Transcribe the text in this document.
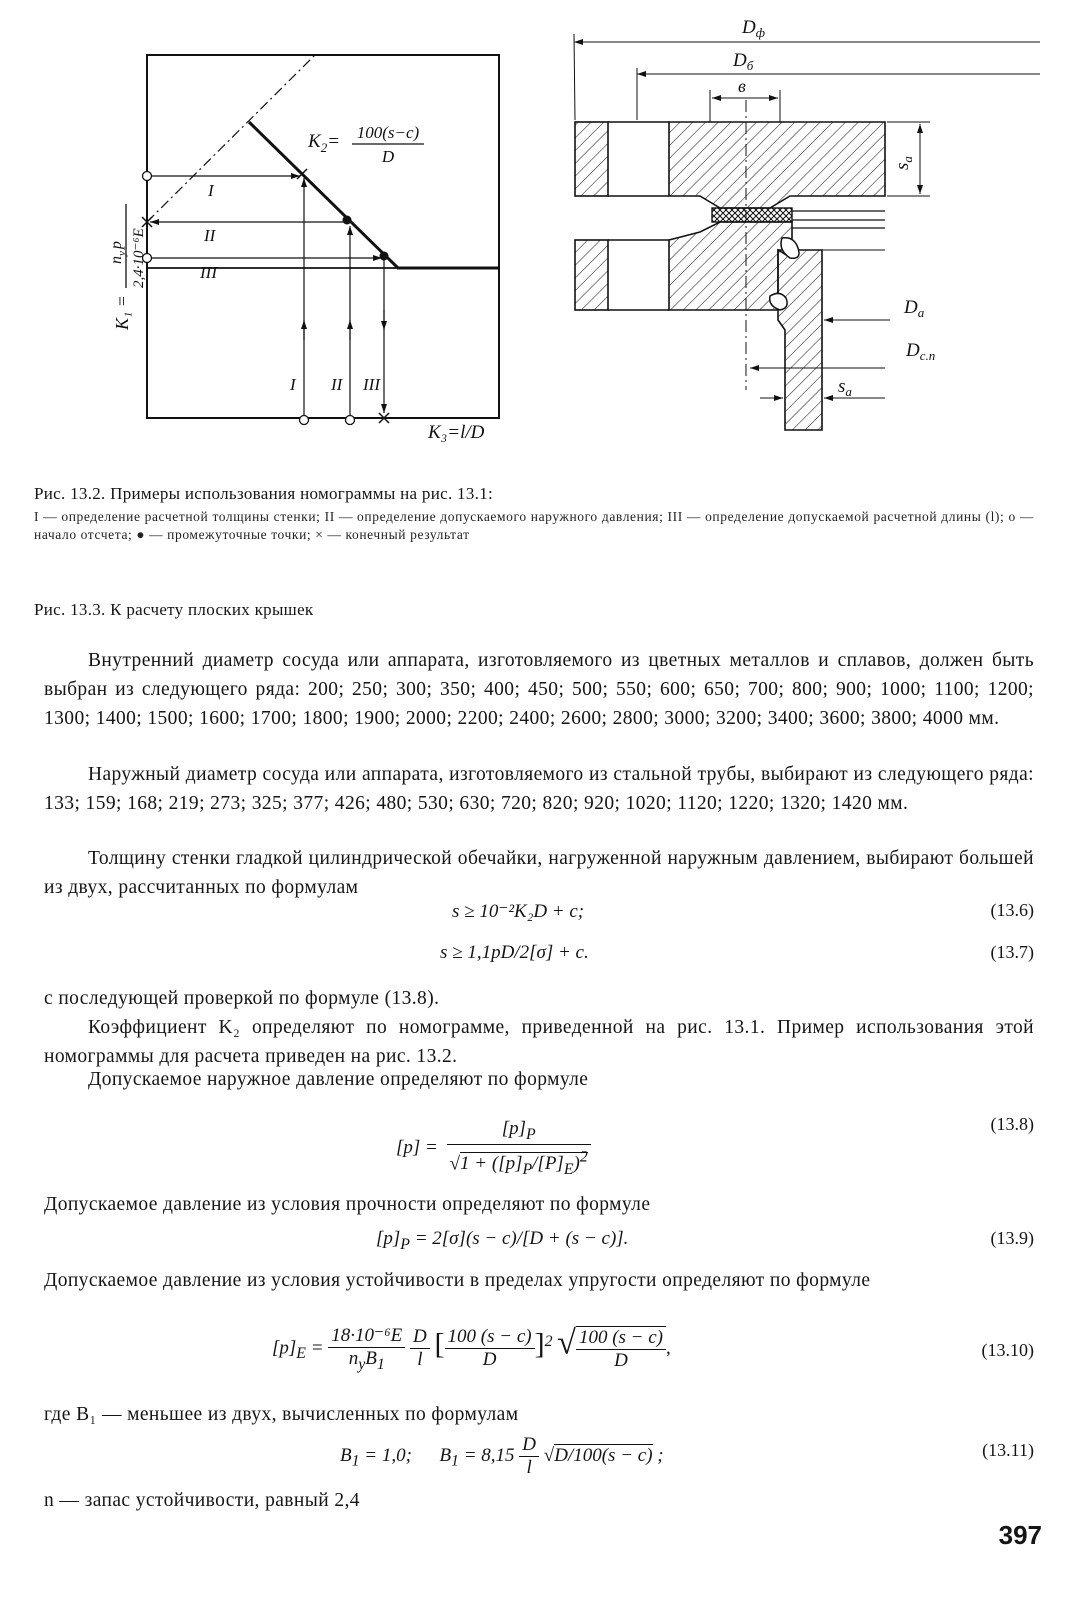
$K_2= 100(s-c)$
D
I
II
III
I II III
K₁ =
$n_уp$ 2,4·10⁻⁶E
K₃=l/D
$D_ф$
$D_б$
в
$s_a$
$D_a$
$D_{c.п}$
$s_a$
Рис. 13.2. Примеры использования номограммы на рис. 13.1:
I — определение расчетной толщины стенки; II — определение допускаемого наружного давления; III — определение допускаемой расчетной длины (l); о — начало отсчета; ● — промежуточные точки; × — конечный результат
Рис. 13.3. К расчету плоских крышек
Внутренний диаметр сосуда или аппарата, изготовляемого из цветных металлов и сплавов, должен быть выбран из следующего ряда: 200; 250; 300; 350; 400; 450; 500; 550; 600; 650; 700; 800; 900; 1000; 1100; 1200; 1300; 1400; 1500; 1600; 1700; 1800; 1900; 2000; 2200; 2400; 2600; 2800; 3000; 3200; 3400; 3600; 3800; 4000 мм.
Наружный диаметр сосуда или аппарата, изготовляемого из стальной трубы, выбирают из следующего ряда: 133; 159; 168; 219; 273; 325; 377; 426; 480; 530; 630; 720; 820; 920; 1020; 1120; 1220; 1320; 1420 мм.
Толщину стенки гладкой цилиндрической обечайки, нагруженной наружным давлением, выбирают большей из двух, рассчитанных по формулам
s ≥ 10⁻²K₂D + c;	(13.6)
s ≥ 1,1pD/2[σ] + c.	(13.7)
с последующей проверкой по формуле (13.8).
Коэффициент K₂ определяют по номограмме, приведенной на рис. 13.1. Пример использования этой номограммы для расчета приведен на рис. 13.2.
Допускаемое наружное давление определяют по формуле
$[p] = \frac{[p]_P}{√1 + ([p]_P/[P]_E)^2}$	(13.8)
Допускаемое давление из условия прочности определяют по формуле
$[p]_P = 2[\sigma](s - c)/[D + (s - c)]$.	(13.9)
Допускаемое давление из условия устойчивости в пределах упругости определяют по формуле
$[p]_E = \frac{\text{18·10⁻⁶E}}{n_уB_1}$
$\frac{D}{l}$ [ $\frac{100 (s - c)}{D} ]^2$ √ $\frac{100 (s - c)}{D}$ ,	(13.10)
где B₁ — меньшее из двух, вычисленных по формулам
$B_1 = 1,0$; $B_1 = 8,15 \frac{D}{l} √D/100(s - c)$ ;	(13.11)
n — запас устойчивости, равный 2,4
397
